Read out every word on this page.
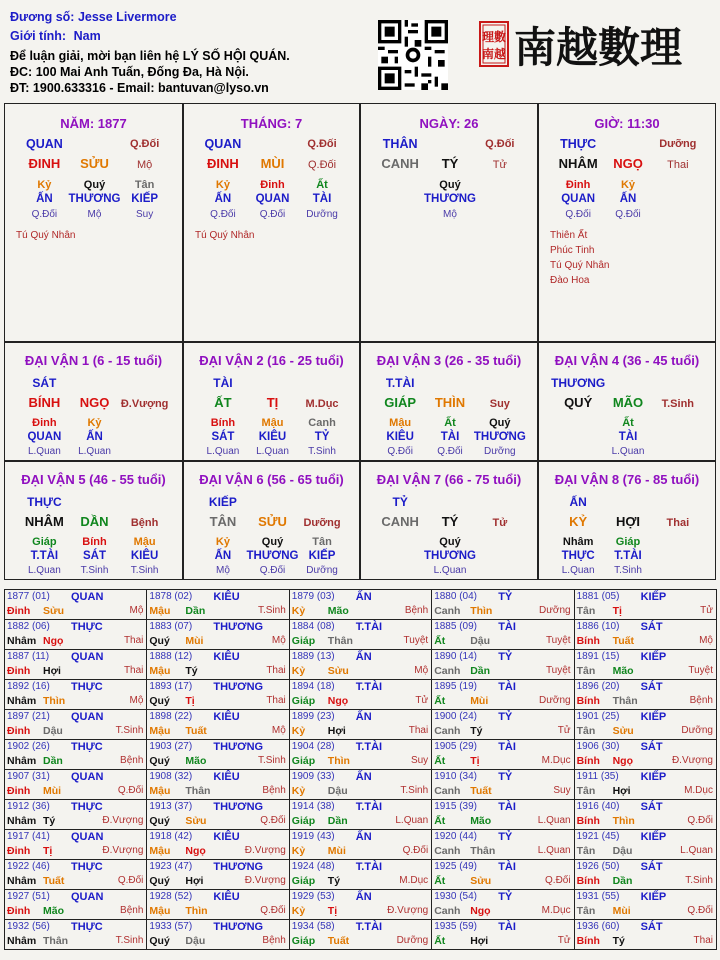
Đương số: Jesse Livermore
Giới tính: Nam
Để luận giải, mời bạn liên hệ LÝ SỐ HỘI QUÁN.
ĐC: 100 Mai Anh Tuấn, Đống Đa, Hà Nội.
ĐT: 1900.633316 - Email: bantuvan@lyso.vn
理數
南越 南越數理
NĂM: 1877
QUAN	Q.Đối
ĐINH	SỬU	Mộ
Kỷ
ẤN
Q.Đối
Quý
THƯƠNG
Mộ
Tân
KIẾP
Suy
Tú Quý Nhân
THÁNG: 7
QUAN	Q.Đối
ĐINH	MÙI	Q.Đối
Kỷ
ẤN
Q.Đối
Đinh
QUAN
Q.Đối
Ất
TÀI
Dưỡng
Tú Quý Nhân
NGÀY: 26
THÂN	Q.Đối
CANH	TÝ	Tử
Quý
THƯƠNG
Mộ
GIỜ: 11:30
THỰC	Dưỡng
NHÂM	NGỌ	Thai
Đinh
QUAN
Q.Đối
Kỷ
ẤN
Q.Đối
Thiên Ất
Phúc Tinh
Tú Quý Nhân
Đào Hoa
ĐẠI VẬN 1 (6 - 15 tuổi)
SÁT
BÍNH	NGỌ	Đ.Vượng
Đinh
QUAN
L.Quan
Kỷ
ẤN
L.Quan
ĐẠI VẬN 2 (16 - 25 tuổi)
TÀI
ẤT	TỊ	M.Dục
Bính
SÁT
L.Quan
Mậu
KIÊU
L.Quan
Canh
TỶ
T.Sinh
ĐẠI VẬN 3 (26 - 35 tuổi)
T.TÀI
GIÁP	THÌN	Suy
Mậu
KIÊU
Q.Đối
Ất
TÀI
Q.Đối
Quý
THƯƠNG
Dưỡng
ĐẠI VẬN 4 (36 - 45 tuổi)
THƯƠNG
QUÝ	MÃO	T.Sinh
Ất
TÀI
L.Quan
ĐẠI VẬN 5 (46 - 55 tuổi)
THỰC
NHÂM	DẦN	Bệnh
Giáp
T.TÀI
L.Quan
Bính
SÁT
T.Sinh
Mậu
KIÊU
T.Sinh
ĐẠI VẬN 6 (56 - 65 tuổi)
KIẾP
TÂN	SỬU	Dưỡng
Kỷ
ẤN
Mộ
Quý
THƯƠNG
Q.Đối
Tân
KIẾP
Dưỡng
ĐẠI VẬN 7 (66 - 75 tuổi)
TỶ
CANH	TÝ	Tử
Quý
THƯƠNG
L.Quan
ĐẠI VẬN 8 (76 - 85 tuổi)
ẤN
KỶ	HỢI	Thai
Nhâm
THỰC
L.Quan
Giáp
T.TÀI
T.Sinh
1877 (01) QUAN
Đinh Sửu	Mộ
1878 (02) KIÊU
Mậu Dần	T.Sinh
1879 (03) ẤN
Kỷ Mão	Bệnh
1880 (04) TỶ
Canh Thìn	Dưỡng
1881 (05) KIẾP
Tân Tị	Tử
1882 (06) THỰC
Nhâm Ngọ	Thai
1883 (07) THƯƠNG
Quý Mùi	Mộ
1884 (08) T.TÀI
Giáp Thân	Tuyệt
1885 (09) TÀI
Ất Dậu	Tuyệt
1886 (10) SÁT
Bính Tuất	Mộ
1887 (11) QUAN
Đinh Hợi	Thai
1888 (12) KIÊU
Mậu Tý	Thai
1889 (13) ẤN
Kỷ Sửu	Mộ
1890 (14) TỶ
Canh Dần	Tuyệt
1891 (15) KIẾP
Tân Mão	Tuyệt
1892 (16) THỰC
Nhâm Thìn	Mộ
1893 (17) THƯƠNG
Quý Tị	Thai
1894 (18) T.TÀI
Giáp Ngọ	Tử
1895 (19) TÀI
Ất Mùi	Dưỡng
1896 (20) SÁT
Bính Thân	Bệnh
1897 (21) QUAN
Đinh Dậu	T.Sinh
1898 (22) KIÊU
Mậu Tuất	Mộ
1899 (23) ẤN
Kỷ Hợi	Thai
1900 (24) TỶ
Canh Tý	Tử
1901 (25) KIẾP
Tân Sửu	Dưỡng
1902 (26) THỰC
Nhâm Dần	Bệnh
1903 (27) THƯƠNG
Quý Mão	T.Sinh
1904 (28) T.TÀI
Giáp Thìn	Suy
1905 (29) TÀI
Ất Tị	M.Dục
1906 (30) SÁT
Bính Ngọ	Đ.Vượng
1907 (31) QUAN
Đinh Mùi	Q.Đối
1908 (32) KIÊU
Mậu Thân	Bệnh
1909 (33) ẤN
Kỷ Dậu	T.Sinh
1910 (34) TỶ
Canh Tuất	Suy
1911 (35) KIẾP
Tân Hợi	M.Dục
1912 (36) THỰC
Nhâm Tý	Đ.Vượng
1913 (37) THƯƠNG
Quý Sửu	Q.Đối
1914 (38) T.TÀI
Giáp Dần	L.Quan
1915 (39) TÀI
Ất Mão	L.Quan
1916 (40) SÁT
Bính Thìn	Q.Đối
1917 (41) QUAN
Đinh Tị	Đ.Vượng
1918 (42) KIÊU
Mậu Ngọ	Đ.Vượng
1919 (43) ẤN
Kỷ Mùi	Q.Đối
1920 (44) TỶ
Canh Thân	L.Quan
1921 (45) KIẾP
Tân Dậu	L.Quan
1922 (46) THỰC
Nhâm Tuất	Q.Đối
1923 (47) THƯƠNG
Quý Hợi	Đ.Vượng
1924 (48) T.TÀI
Giáp Tý	M.Dục
1925 (49) TÀI
Ất Sửu	Q.Đối
1926 (50) SÁT
Bính Dần	T.Sinh
1927 (51) QUAN
Đinh Mão	Bệnh
1928 (52) KIÊU
Mậu Thìn	Q.Đối
1929 (53) ẤN
Kỷ Tị	Đ.Vượng
1930 (54) TỶ
Canh Ngọ	M.Dục
1931 (55) KIẾP
Tân Mùi	Q.Đối
1932 (56) THỰC
Nhâm Thân	T.Sinh
1933 (57) THƯƠNG
Quý Dậu	Bệnh
1934 (58) T.TÀI
Giáp Tuất	Dưỡng
1935 (59) TÀI
Ất Hợi	Tử
1936 (60) SÁT
Bính Tý	Thai
